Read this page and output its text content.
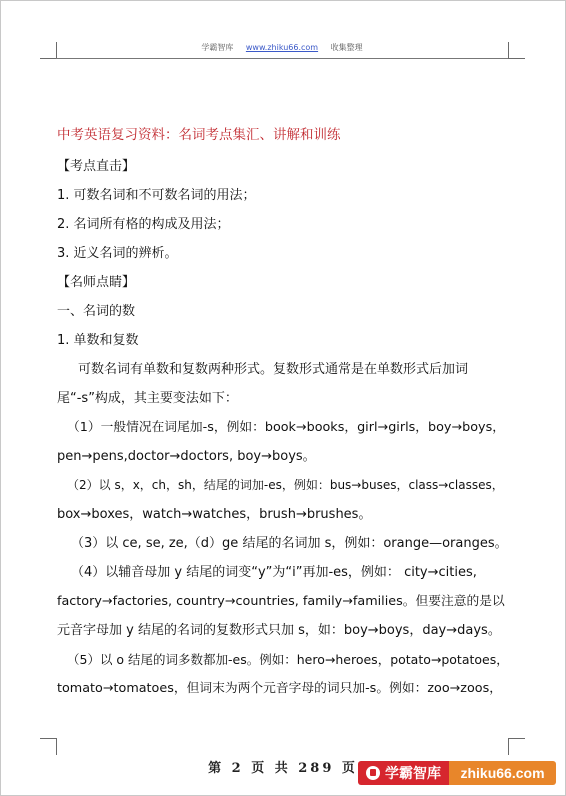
学霸智库 www.zhiku66.com 收集整理
中考英语复习资料：名词考点集汇、讲解和训练
【考点直击】
1. 可数名词和不可数名词的用法；
2. 名词所有格的构成及用法；
3. 近义名词的辨析。
【名师点睛】
一、名词的数
1. 单数和复数
可数名词有单数和复数两种形式。复数形式通常是在单数形式后加词
尾“-s”构成，其主要变法如下：
（1）一般情况在词尾加-s，例如：book→books，girl→girls，boy→boys，
pen→pens,doctor→doctors, boy→boys。
（2）以 s，x，ch，sh，结尾的词加-es，例如：bus→buses，class→classes，
box→boxes，watch→watches，brush→brushes。
（3）以 ce, se, ze,（d）ge 结尾的名词加 s，例如：orange—oranges。
（4）以辅音母加 y 结尾的词变“y”为“i”再加-es，例如： city→cities,
factory→factories, country→countries, family→families。但要注意的是以
元音字母加 y 结尾的名词的复数形式只加 s，如：boy→boys，day→days。
（5）以 o 结尾的词多数都加-es。例如：hero→heroes，potato→potatoes，
tomato→tomatoes，但词末为两个元音字母的词只加-s。例如：zoo→zoos，
第 2 页 共 289 页	学霸智库	zhiku66.com
